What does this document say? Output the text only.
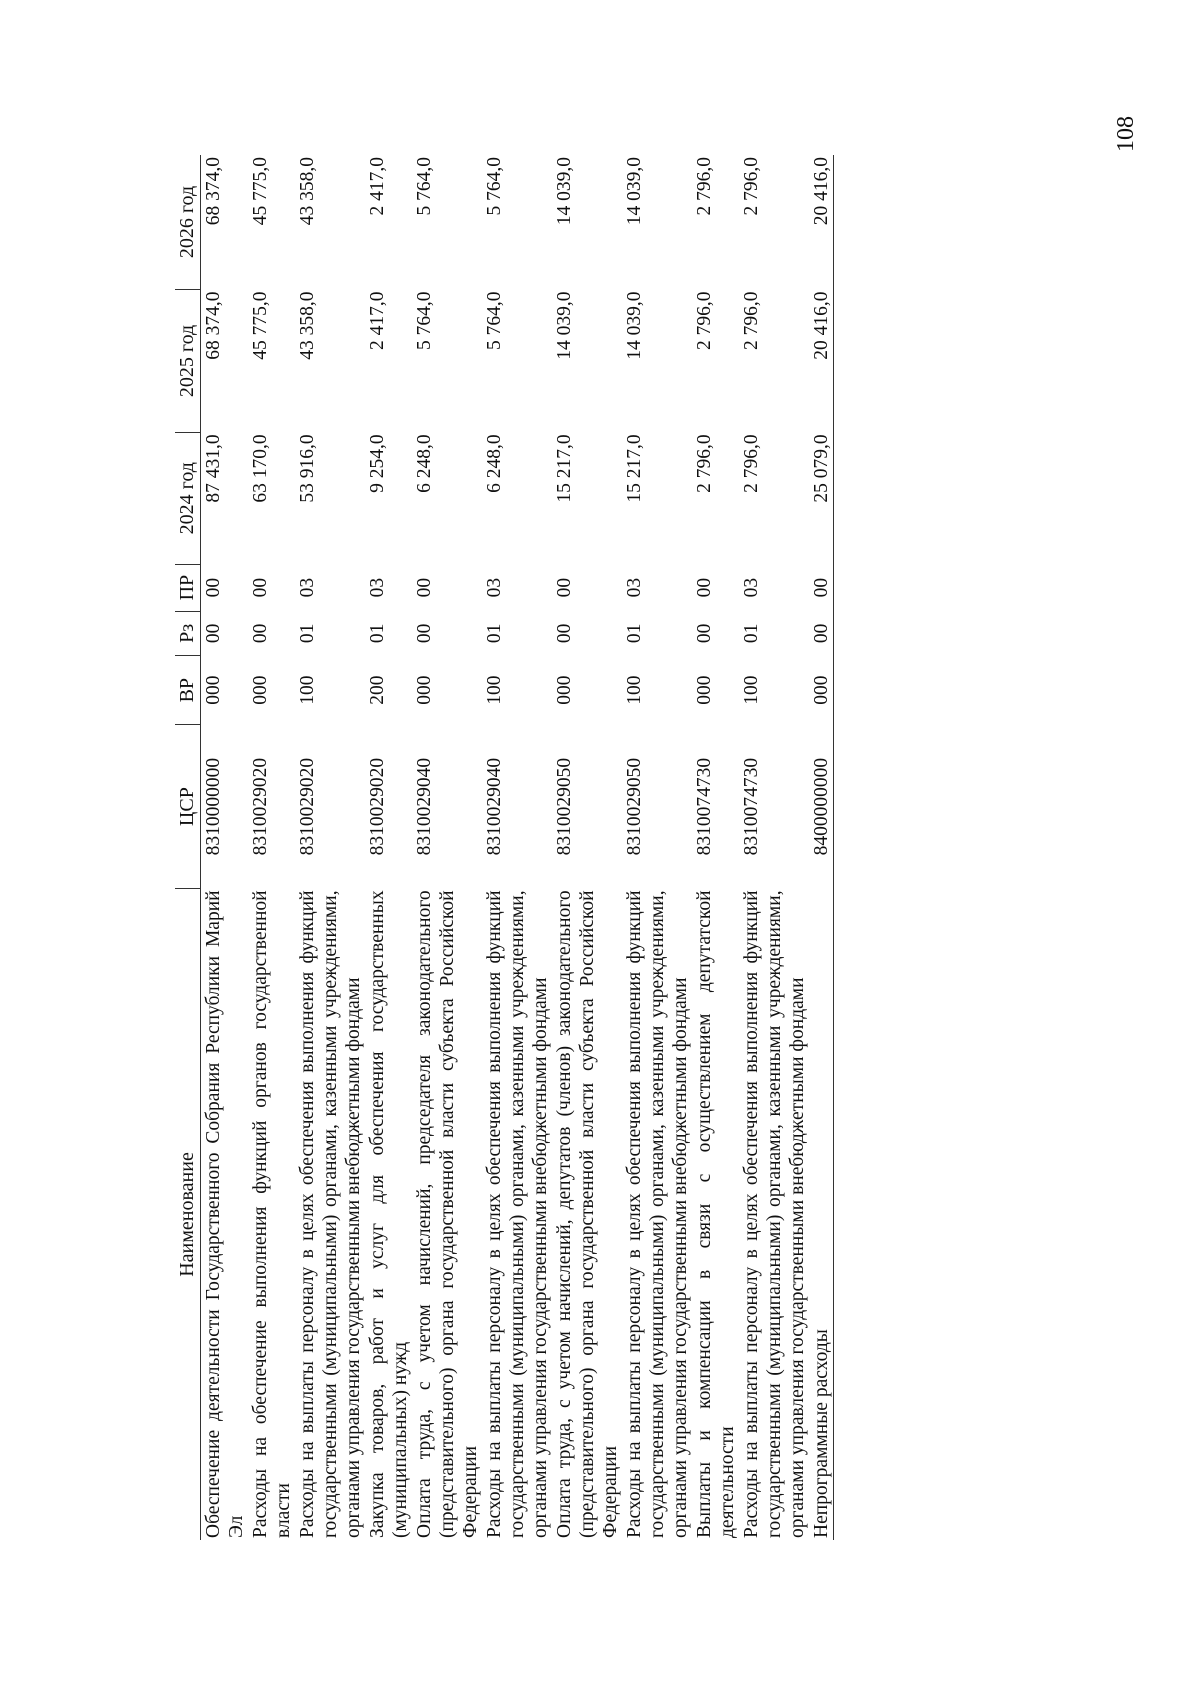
108
Наименование	ЦСР	ВР	Рз	ПР	2024 год	2025 год	2026 год
Обеспечение деятельности Государственного Собрания Республики Марий Эл	8310000000	000	00	00	87 431,0	68 374,0	68 374,0
Расходы на обеспечение выполнения функций органов государственной власти	8310029020	000	00	00	63 170,0	45 775,0	45 775,0
Расходы на выплаты персоналу в целях обеспечения выполнения функций государственными (муниципальными) органами, казенными учреждениями, органами управления государственными внебюджетными фондами	8310029020	100	01	03	53 916,0	43 358,0	43 358,0
Закупка товаров, работ и услуг для обеспечения государственных (муниципальных) нужд	8310029020	200	01	03	9 254,0	2 417,0	2 417,0
Оплата труда, с учетом начислений, председателя законодательного (представительного) органа государственной власти субъекта Российской Федерации	8310029040	000	00	00	6 248,0	5 764,0	5 764,0
Расходы на выплаты персоналу в целях обеспечения выполнения функций государственными (муниципальными) органами, казенными учреждениями, органами управления государственными внебюджетными фондами	8310029040	100	01	03	6 248,0	5 764,0	5 764,0
Оплата труда, с учетом начислений, депутатов (членов) законодательного (представительного) органа государственной власти субъекта Российской Федерации	8310029050	000	00	00	15 217,0	14 039,0	14 039,0
Расходы на выплаты персоналу в целях обеспечения выполнения функций государственными (муниципальными) органами, казенными учреждениями, органами управления государственными внебюджетными фондами	8310029050	100	01	03	15 217,0	14 039,0	14 039,0
Выплаты и компенсации в связи с осуществлением депутатской деятельности	8310074730	000	00	00	2 796,0	2 796,0	2 796,0
Расходы на выплаты персоналу в целях обеспечения выполнения функций государственными (муниципальными) органами, казенными учреждениями, органами управления государственными внебюджетными фондами	8310074730	100	01	03	2 796,0	2 796,0	2 796,0
Непрограммные расходы	8400000000	000	00	00	25 079,0	20 416,0	20 416,0
